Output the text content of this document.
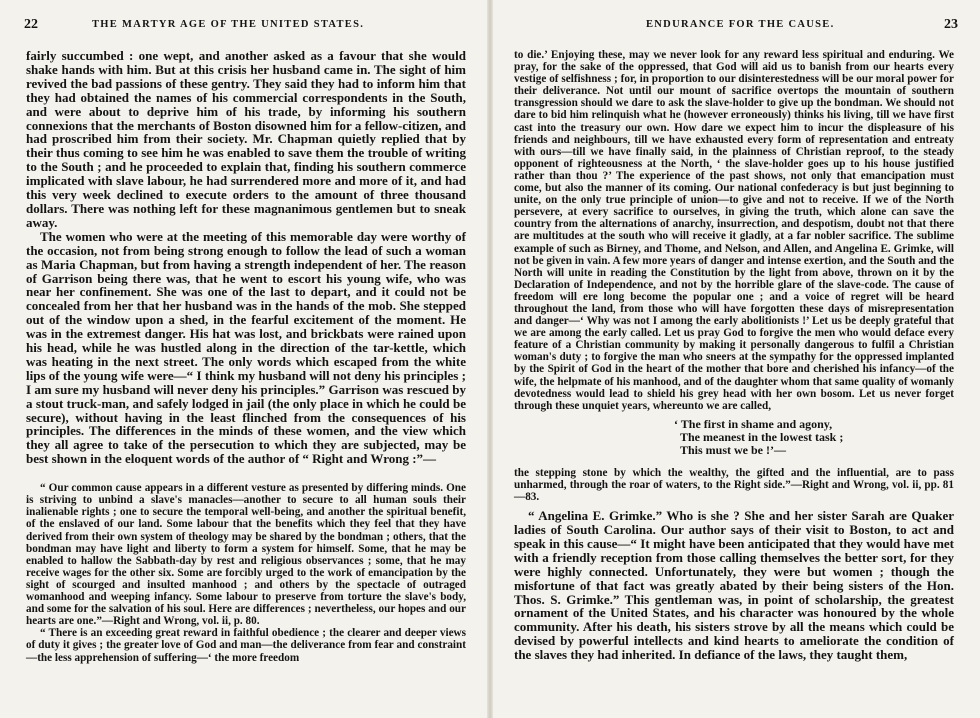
22	THE MARTYR AGE OF THE UNITED STATES.

fairly succumbed : one wept, and another asked as a favour that she would shake hands with him. But at this crisis her husband came in. The sight of him revived the bad passions of these gentry. They said they had to inform him that they had obtained the names of his commercial correspondents in the South, and were about to deprive him of his trade, by informing his southern connexions that the merchants of Boston disowned him for a fellow-citizen, and had proscribed him from their society. Mr. Chapman quietly replied that by their thus coming to see him he was enabled to save them the trouble of writing to the South ; and he proceeded to explain that, finding his southern commerce implicated with slave labour, he had surrendered more and more of it, and had this very week declined to execute orders to the amount of three thousand dollars. There was nothing left for these magnanimous gentlemen but to sneak away.

The women who were at the meeting of this memorable day were worthy of the occasion, not from being strong enough to follow the lead of such a woman as Maria Chapman, but from having a strength independent of her. The reason of Garrison being there was, that he went to escort his young wife, who was near her confinement. She was one of the last to depart, and it could not be concealed from her that her husband was in the hands of the mob. She stepped out of the window upon a shed, in the fearful excitement of the moment. He was in the extremest danger. His hat was lost, and brickbats were rained upon his head, while he was hustled along in the direction of the tar-kettle, which was heating in the next street. The only words which escaped from the white lips of the young wife were—“ I think my husband will not deny his principles ; I am sure my husband will never deny his principles.” Garrison was rescued by a stout truck-man, and safely lodged in jail (the only place in which he could be secure), without having in the least flinched from the consequences of his principles. The differences in the minds of these women, and the view which they all agree to take of the persecution to which they are subjected, may be best shown in the eloquent words of the author of “ Right and Wrong :”—

“ Our common cause appears in a different vesture as presented by differing minds. One is striving to unbind a slave's manacles—another to secure to all human souls their inalienable rights ; one to secure the temporal well-being, and another the spiritual benefit, of the enslaved of our land. Some labour that the benefits which they feel that they have derived from their own system of theology may be shared by the bondman ; others, that the bondman may have light and liberty to form a system for himself. Some, that he may be enabled to hallow the Sabbath-day by rest and religious observances ; some, that he may receive wages for the other six. Some are forcibly urged to the work of emancipation by the sight of scourged and insulted manhood ; and others by the spectacle of outraged womanhood and weeping infancy. Some labour to preserve from torture the slave's body, and some for the salvation of his soul. Here are differences ; nevertheless, our hopes and our hearts are one.”—Right and Wrong, vol. ii, p. 80.

“ There is an exceeding great reward in faithful obedience ; the clearer and deeper views of duty it gives ; the greater love of God and man—the deliverance from fear and constraint—the less apprehension of suffering—‘ the more freedom

ENDURANCE FOR THE CAUSE.	23

to die.’ Enjoying these, may we never look for any reward less spiritual and enduring. We pray, for the sake of the oppressed, that God will aid us to banish from our hearts every vestige of selfishness ; for, in proportion to our disinterestedness will be our moral power for their deliverance. Not until our mount of sacrifice overtops the mountain of southern transgression should we dare to ask the slave-holder to give up the bondman. We should not dare to bid him relinquish what he (however erroneously) thinks his living, till we have first cast into the treasury our own. How dare we expect him to incur the displeasure of his friends and neighbours, till we have exhausted every form of representation and entreaty with ours—till we have finally said, in the plainness of Christian reproof, to the steady opponent of righteousness at the North, ‘ the slave-holder goes up to his house justified rather than thou ?’ The experience of the past shows, not only that emancipation must come, but also the manner of its coming. Our national confederacy is but just beginning to unite, on the only true principle of union—to give and not to receive. If we of the North persevere, at every sacrifice to ourselves, in giving the truth, which alone can save the country from the alternations of anarchy, insurrection, and despotism, doubt not that there are multitudes at the south who will receive it gladly, at a far nobler sacrifice. The sublime example of such as Birney, and Thome, and Nelson, and Allen, and Angelina E. Grimke, will not be given in vain. A few more years of danger and intense exertion, and the South and the North will unite in reading the Constitution by the light from above, thrown on it by the Declaration of Independence, and not by the horrible glare of the slave-code. The cause of freedom will ere long become the popular one ; and a voice of regret will be heard throughout the land, from those who will have forgotten these days of misrepresentation and danger—‘ Why was not I among the early abolitionists !’ Let us be deeply grateful that we are among the early called. Let us pray God to forgive the men who would deface every feature of a Christian community by making it personally dangerous to fulfil a Christian woman's duty ; to forgive the man who sneers at the sympathy for the oppressed implanted by the Spirit of God in the heart of the mother that bore and cherished his infancy—of the wife, the helpmate of his manhood, and of the daughter whom that same quality of womanly devotedness would lead to shield his grey head with her own bosom. Let us never forget through these unquiet years, whereunto we are called,

‘ The first in shame and agony,
The meanest in the lowest task ;
This must we be !’—

the stepping stone by which the wealthy, the gifted and the influential, are to pass unharmed, through the roar of waters, to the Right side.”—Right and Wrong, vol. ii, pp. 81—83.

“ Angelina E. Grimke.” Who is she ? She and her sister Sarah are Quaker ladies of South Carolina. Our author says of their visit to Boston, to act and speak in this cause—“ It might have been anticipated that they would have met with a friendly reception from those calling themselves the better sort, for they were highly connected. Unfortunately, they were but women ; though the misfortune of that fact was greatly abated by their being sisters of the Hon. Thos. S. Grimke.” This gentleman was, in point of scholarship, the greatest ornament of the United States, and his character was honoured by the whole community. After his death, his sisters strove by all the means which could be devised by powerful intellects and kind hearts to ameliorate the condition of the slaves they had inherited. In defiance of the laws, they taught them,
